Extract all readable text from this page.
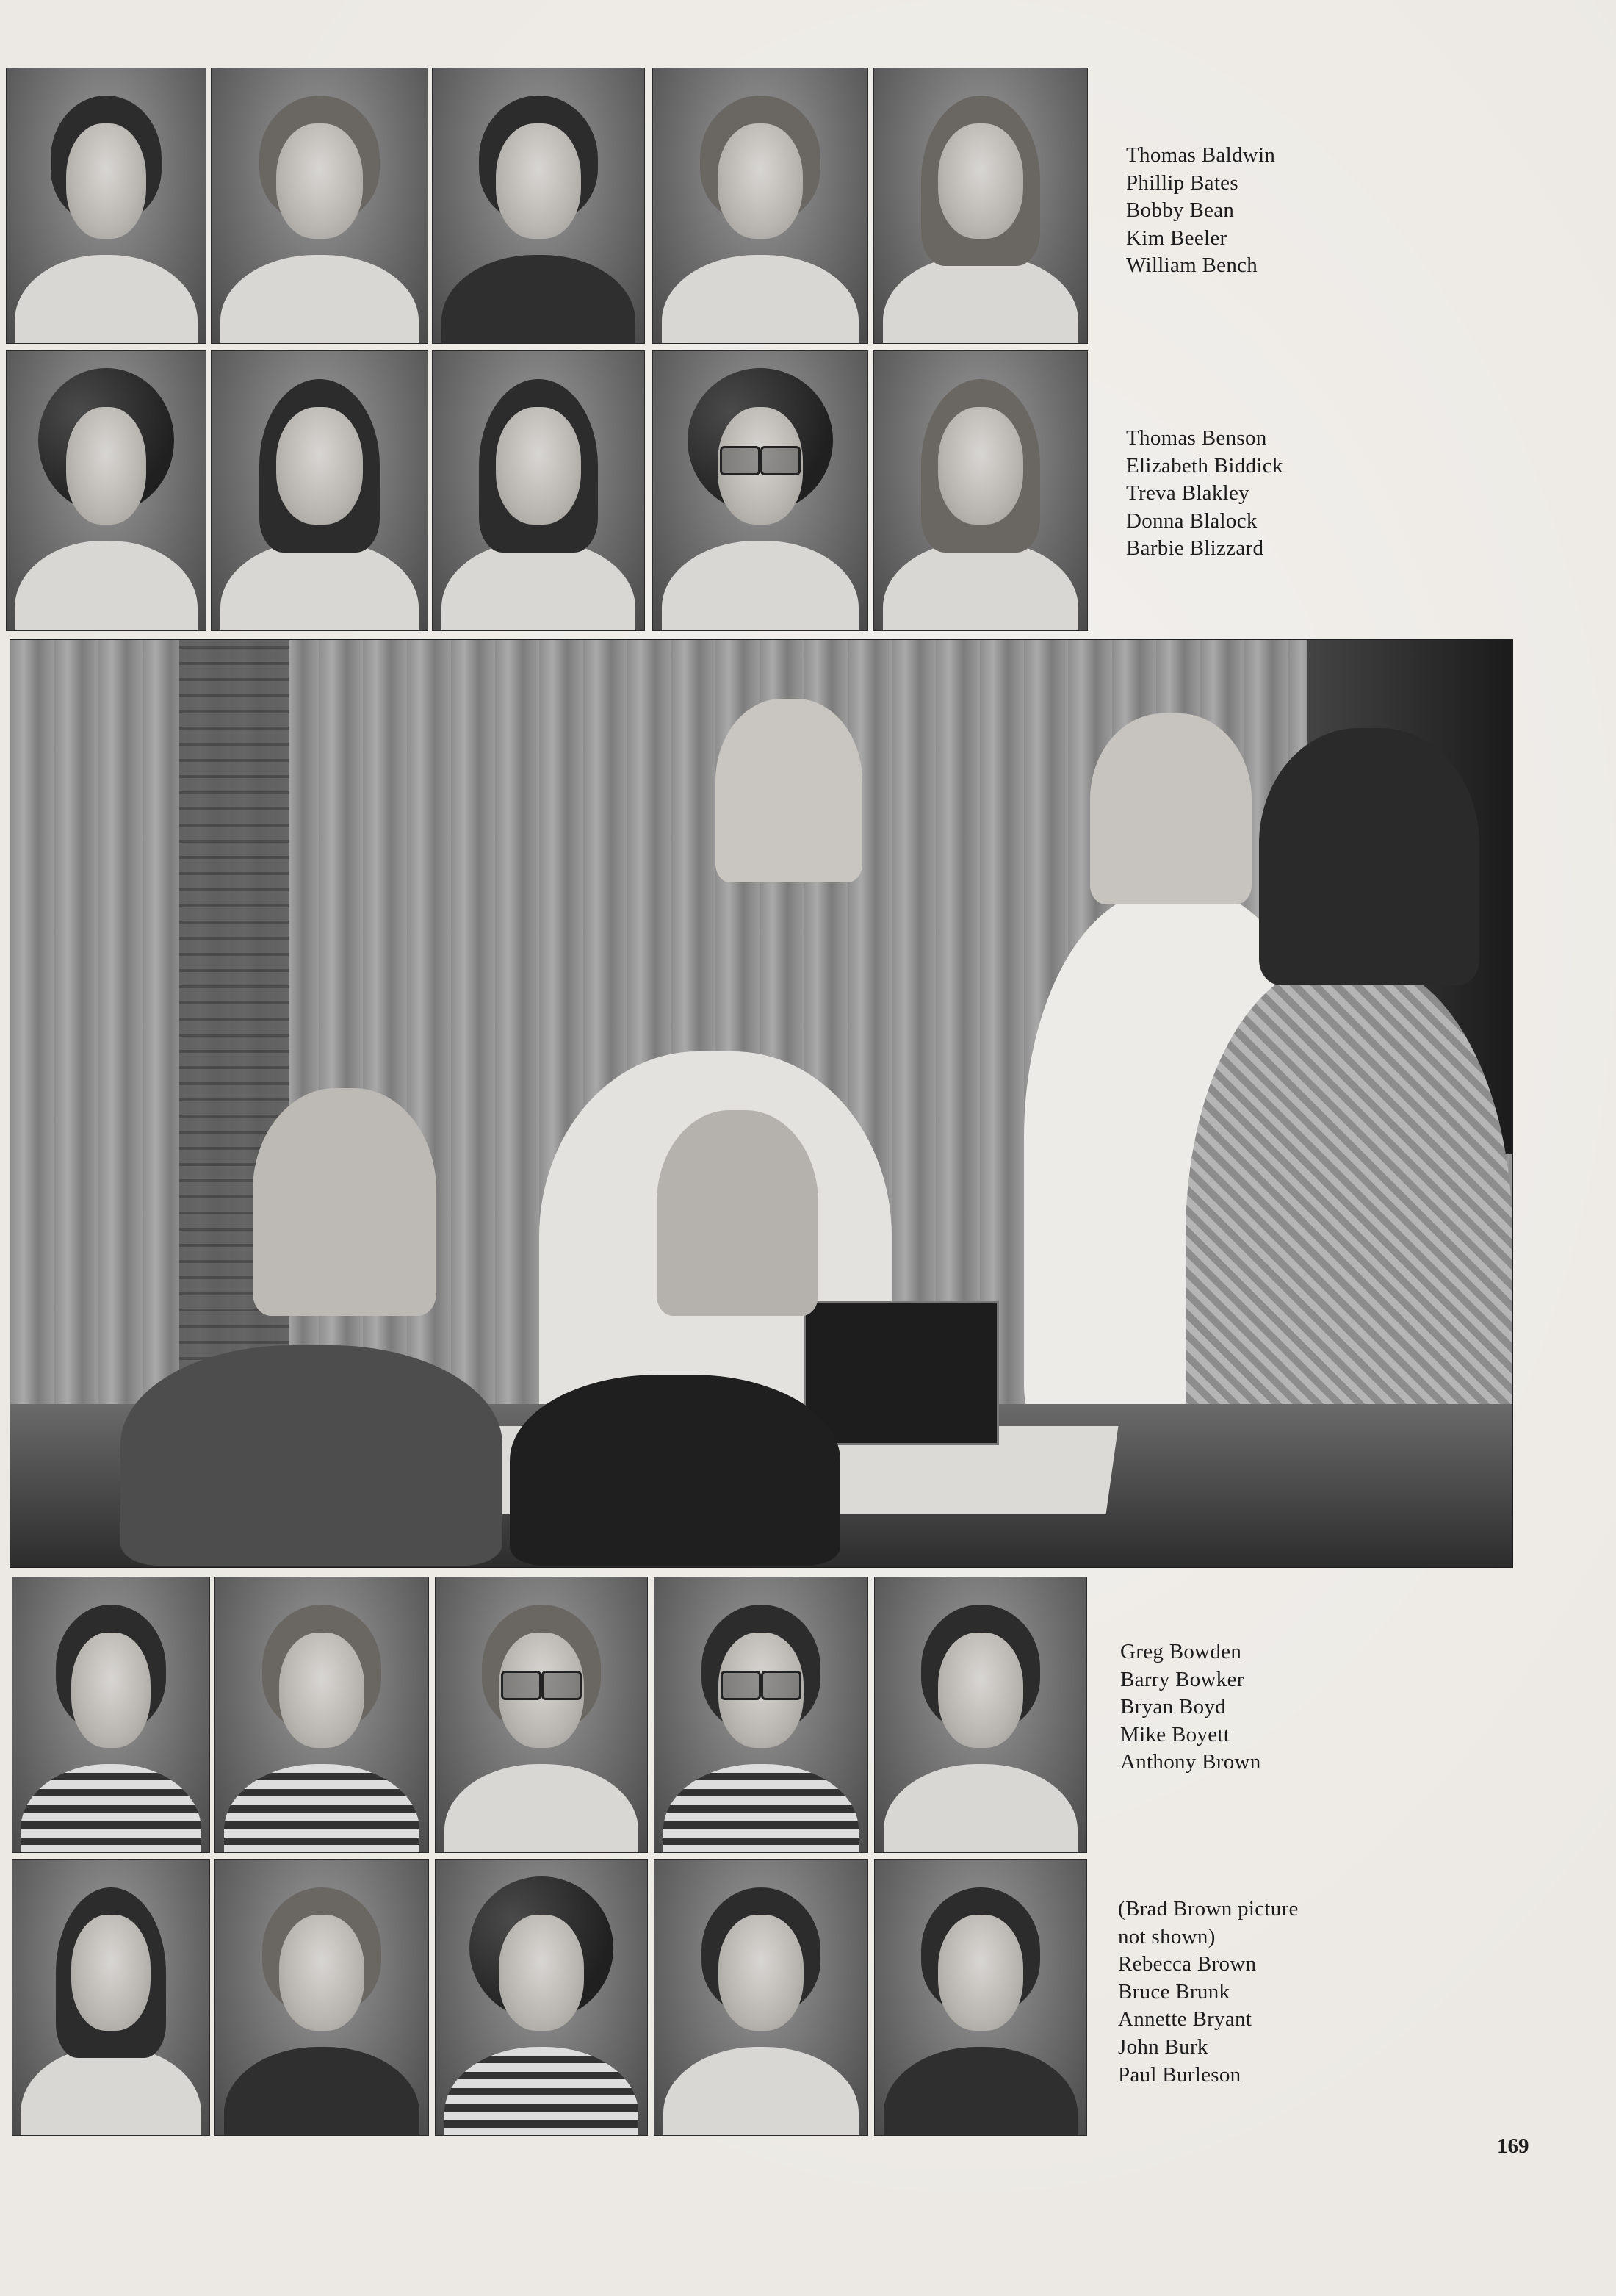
Thomas Baldwin
Phillip Bates
Bobby Bean
Kim Beeler
William Bench
Thomas Benson
Elizabeth Biddick
Treva Blakley
Donna Blalock
Barbie Blizzard
Greg Bowden
Barry Bowker
Bryan Boyd
Mike Boyett
Anthony Brown
(Brad Brown picture
not shown)
Rebecca Brown
Bruce Brunk
Annette Bryant
John Burk
Paul Burleson
169
